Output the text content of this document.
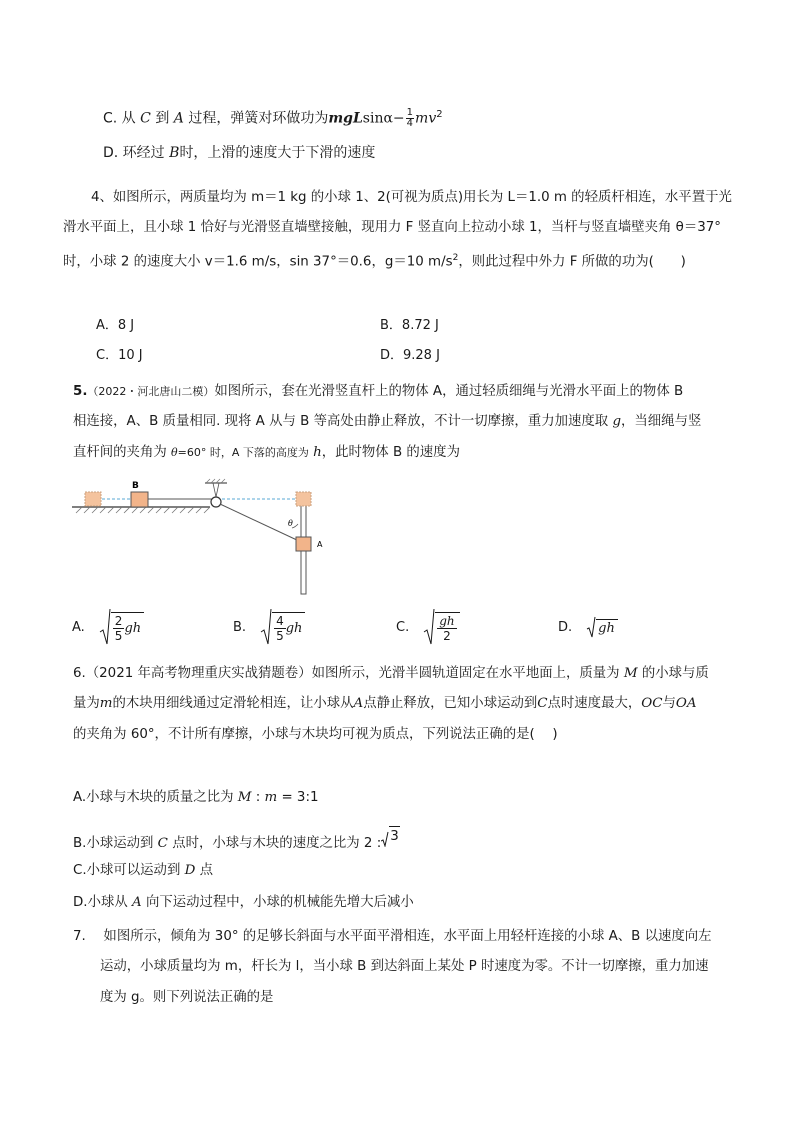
C. 从 C 到 A 过程，弹簧对环做功为$mgLsin\alpha- \frac{1}{4} mv^2$
D. 环经过 B时，上滑的速度大于下滑的速度
4、如图所示，两质量均为 m＝1 kg 的小球 1、2(可视为质点)用长为 L＝1.0 m 的轻质杆相连，水平置于光
滑水平面上，且小球 1 恰好与光滑竖直墙壁接触，现用力 F 竖直向上拉动小球 1，当杆与竖直墙壁夹角 θ＝37°
时，小球 2 的速度大小 v＝1.6 m/s，sin 37°＝0.6，g＝10 $m/s^2$，则此过程中外力 F 所做的功为(　　)
A．8 J	B．8.72 J
C．10 J	D．9.28 J
5.（2022・河北唐山二模）如图所示，套在光滑竖直杆上的物体 A，通过轻质细绳与光滑水平面上的物体 B
相连接，A、B 质量相同. 现将 A 从与 B 等高处由静止释放，不计一切摩擦，重力加速度取 g，当细绳与竖
直杆间的夹角为 θ=60° 时，A 下落的高度为 h，此时物体 B 的速度为
B
A
θ
A.	2
5 gh	B.	4
5 gh	C.	gh
2
D. gh
6.（2021 年高考物理重庆实战猜题卷）如图所示，光滑半圆轨道固定在水平地面上，质量为 M 的小球与质
量为m的木块用细线通过定滑轮相连，让小球从A点静止释放，已知小球运动到C点时速度最大，OC与OA
的夹角为 60°，不计所有摩擦，小球与木块均可视为质点，下列说法正确的是(　 )
A.小球与木块的质量之比为 M : m = 3:1
B.小球运动到 C 点时，小球与木块的速度之比为 2 : 3
C.小球可以运动到 D 点
D.小球从 A 向下运动过程中，小球的机械能先增大后减小
7.　 如图所示，倾角为 30° 的足够长斜面与水平面平滑相连，水平面上用轻杆连接的小球 A、B 以速度向左
运动，小球质量均为 m，杆长为 l，当小球 B 到达斜面上某处 P 时速度为零。不计一切摩擦，重力加速
度为 g。则下列说法正确的是
